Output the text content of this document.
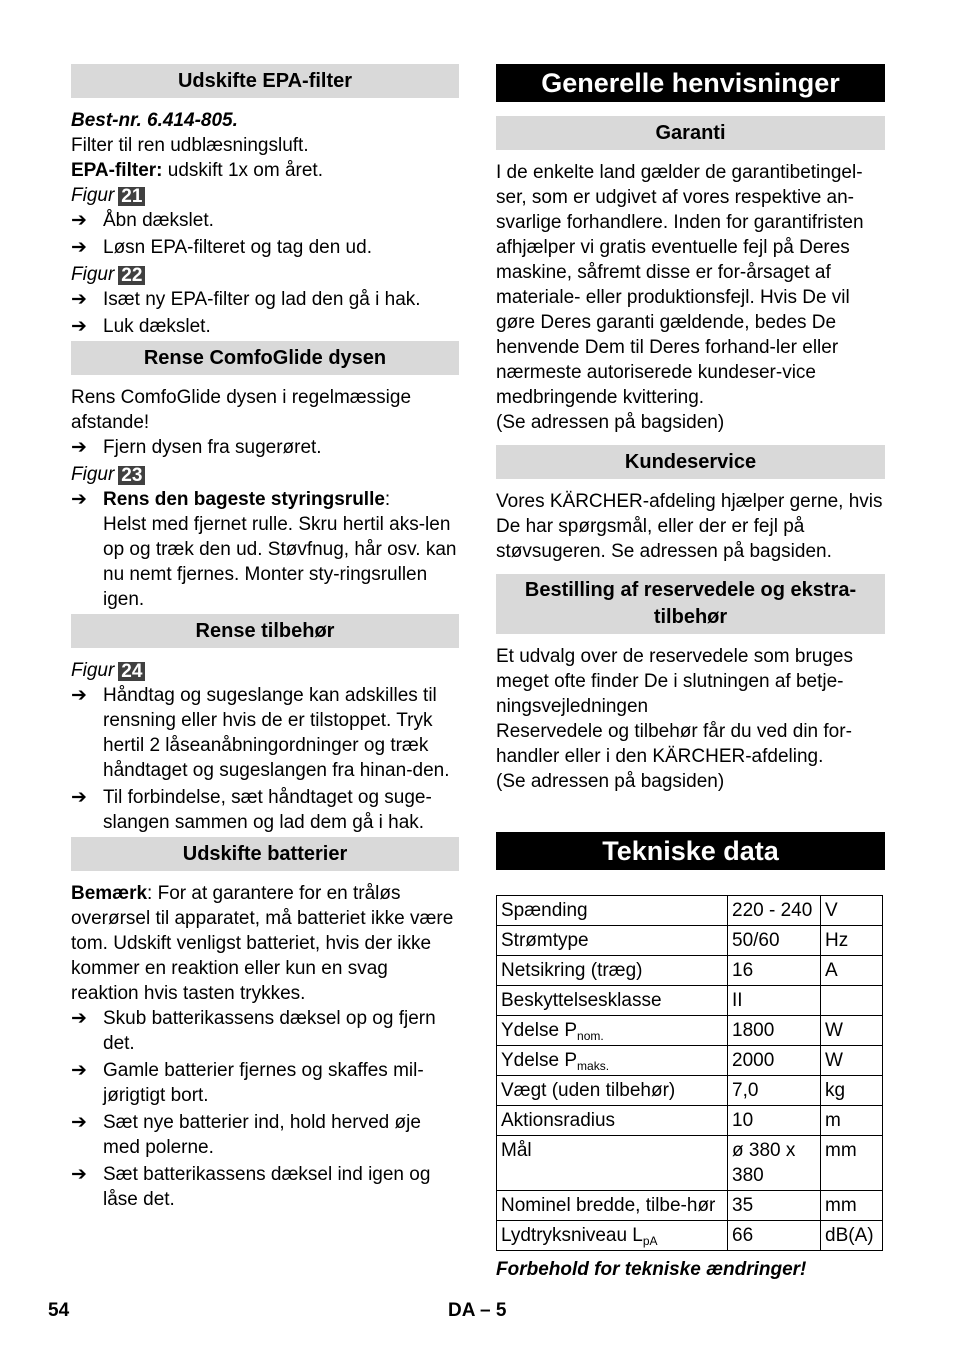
Udskifte EPA-filter

Best-nr. 6.414-805.

Filter til ren udblæsningsluft.

EPA-filter: udskift 1x om året.

Figur 21

➔ Åbn dækslet.
➔ Løsn EPA-filteret og tag den ud.

Figur 22

➔ Isæt ny EPA-filter og lad den gå i hak.
➔ Luk dækslet.
Rense ComfoGlide dysen

Rens ComfoGlide dysen i regelmæssige afstande!

➔ Fjern dysen fra sugerøret.

Figur 23

➔ Rens den bageste styringsrulle:
Helst med fjernet rulle. Skru hertil aks-len op og træk den ud. Støvfnug, hår osv. kan nu nemt fjernes. Monter sty-ringsrullen igen.
Rense tilbehør

Figur 24

➔ Håndtag og sugeslange kan adskilles til rensning eller hvis de er tilstoppet. Tryk hertil 2 låseanåbningordninger og træk håndtaget og sugeslangen fra hinan-den.
➔ Til forbindelse, sæt håndtaget og suge-slangen sammen og lad dem gå i hak.
Udskifte batterier

Bemærk: For at garantere for en tråløs overørsel til apparatet, må batteriet ikke være tom. Udskift venligst batteriet, hvis der ikke kommer en reaktion eller kun en svag reaktion hvis tasten trykkes.

➔ Skub batterikassens dæksel op og fjern det.
➔ Gamle batterier fjernes og skaffes mil-jørigtigt bort.
➔ Sæt nye batterier ind, hold herved øje med polerne.
➔ Sæt batterikassens dæksel ind igen og låse det.
Generelle henvisninger
Garanti

I de enkelte land gælder de garantibetingel-ser, som er udgivet af vores respektive an-svarlige forhandlere. Inden for garantifristen afhjælper vi gratis eventuelle fejl på Deres maskine, såfremt disse er for-årsaget af materiale- eller produktionsfejl. Hvis De vil gøre Deres garanti gældende, bedes De henvende Dem til Deres forhand-ler eller nærmeste autoriserede kundeser-vice medbringende kvittering.

(Se adressen på bagsiden)

Kundeservice

Vores KÄRCHER-afdeling hjælper gerne, hvis De har spørgsmål, eller der er fejl på støvsugeren. Se adressen på bagsiden.

Bestilling af reservedele og ekstra-tilbehør

Et udvalg over de reservedele som bruges meget ofte finder De i slutningen af betje-ningsvejledningen

Reservedele og tilbehør får du ved din for-handler eller i den KÄRCHER-afdeling.

(Se adressen på bagsiden)

Tekniske data
Spænding	220 - 240	V
Strømtype	50/60	Hz
Netsikring (træg)	16	A
Beskyttelsesklasse	II	
Ydelse $P_{nom.}$	1800	W
Ydelse $P_{maks.}$	2000	W
Vægt (uden tilbehør)	7,0	kg
Aktionsradius	10	m
Mål	ø 380 x 380	mm
Nominel bredde, tilbe-hør	35	mm
Lydtryksniveau $L_{pA}$	66	dB(A)

Forbehold for tekniske ændringer!

54	DA – 5
